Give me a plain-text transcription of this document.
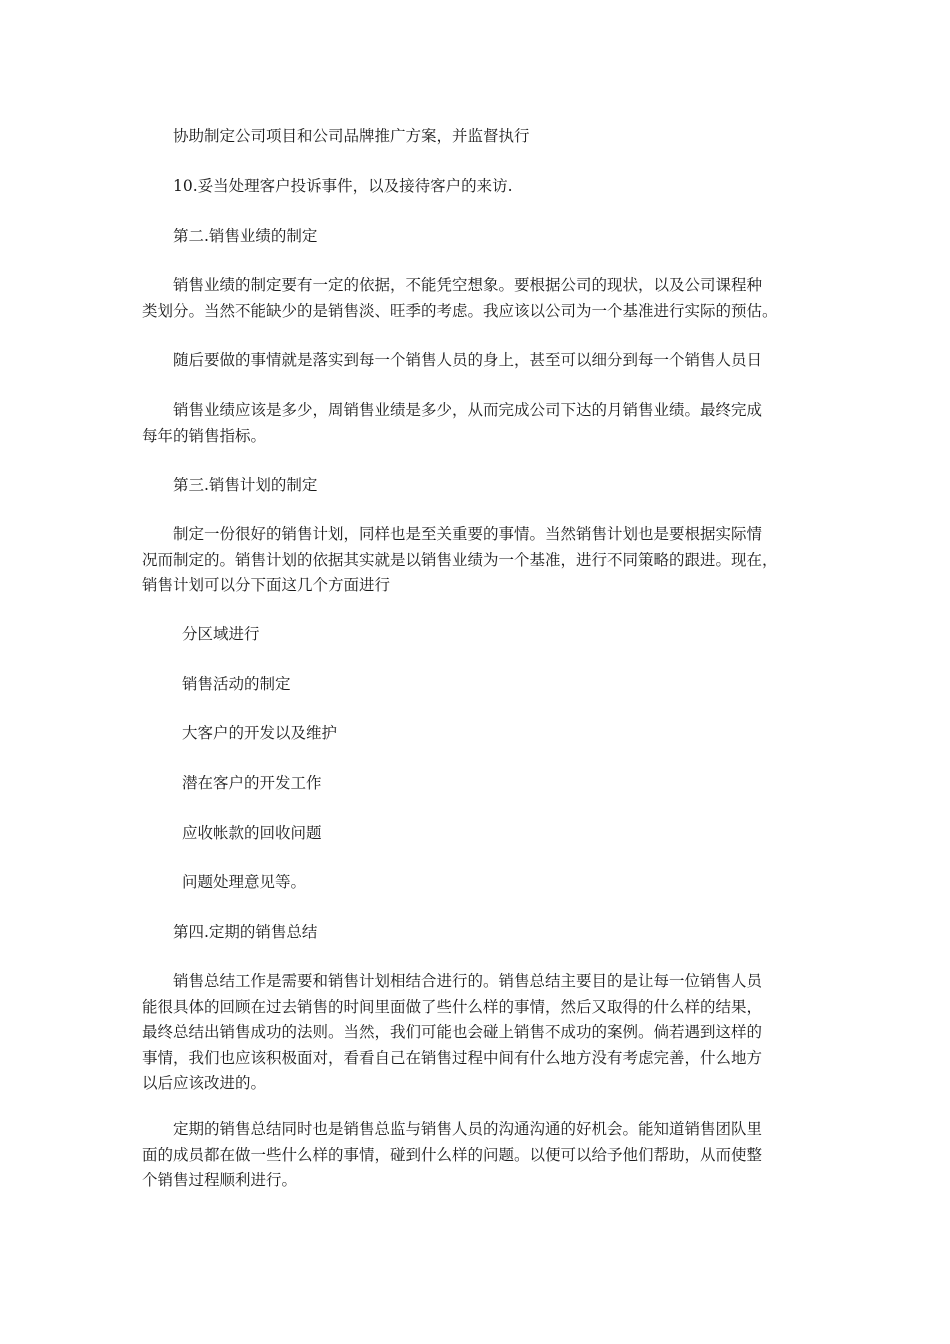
　　协助制定公司项目和公司品牌推广方案，并监督执行
　　10.妥当处理客户投诉事件，以及接待客户的来访.
　　第二.销售业绩的制定
　　销售业绩的制定要有一定的依据，不能凭空想象。要根据公司的现状，以及公司课程种
类划分。当然不能缺少的是销售淡、旺季的考虑。我应该以公司为一个基准进行实际的预估。
　　随后要做的事情就是落实到每一个销售人员的身上，甚至可以细分到每一个销售人员日
　　销售业绩应该是多少，周销售业绩是多少，从而完成公司下达的月销售业绩。最终完成
每年的销售指标。
　　第三.销售计划的制定
　　制定一份很好的销售计划，同样也是至关重要的事情。当然销售计划也是要根据实际情
况而制定的。销售计划的依据其实就是以销售业绩为一个基准，进行不同策略的跟进。现在，
销售计划可以分下面这几个方面进行
分区域进行
销售活动的制定
大客户的开发以及维护
潜在客户的开发工作
应收帐款的回收问题
问题处理意见等。
　　第四.定期的销售总结
　　销售总结工作是需要和销售计划相结合进行的。销售总结主要目的是让每一位销售人员
能很具体的回顾在过去销售的时间里面做了些什么样的事情，然后又取得的什么样的结果，
最终总结出销售成功的法则。当然，我们可能也会碰上销售不成功的案例。倘若遇到这样的
事情，我们也应该积极面对，看看自己在销售过程中间有什么地方没有考虑完善，什么地方
以后应该改进的。
　　定期的销售总结同时也是销售总监与销售人员的沟通沟通的好机会。能知道销售团队里
面的成员都在做一些什么样的事情，碰到什么样的问题。以便可以给予他们帮助，从而使整
个销售过程顺利进行。
